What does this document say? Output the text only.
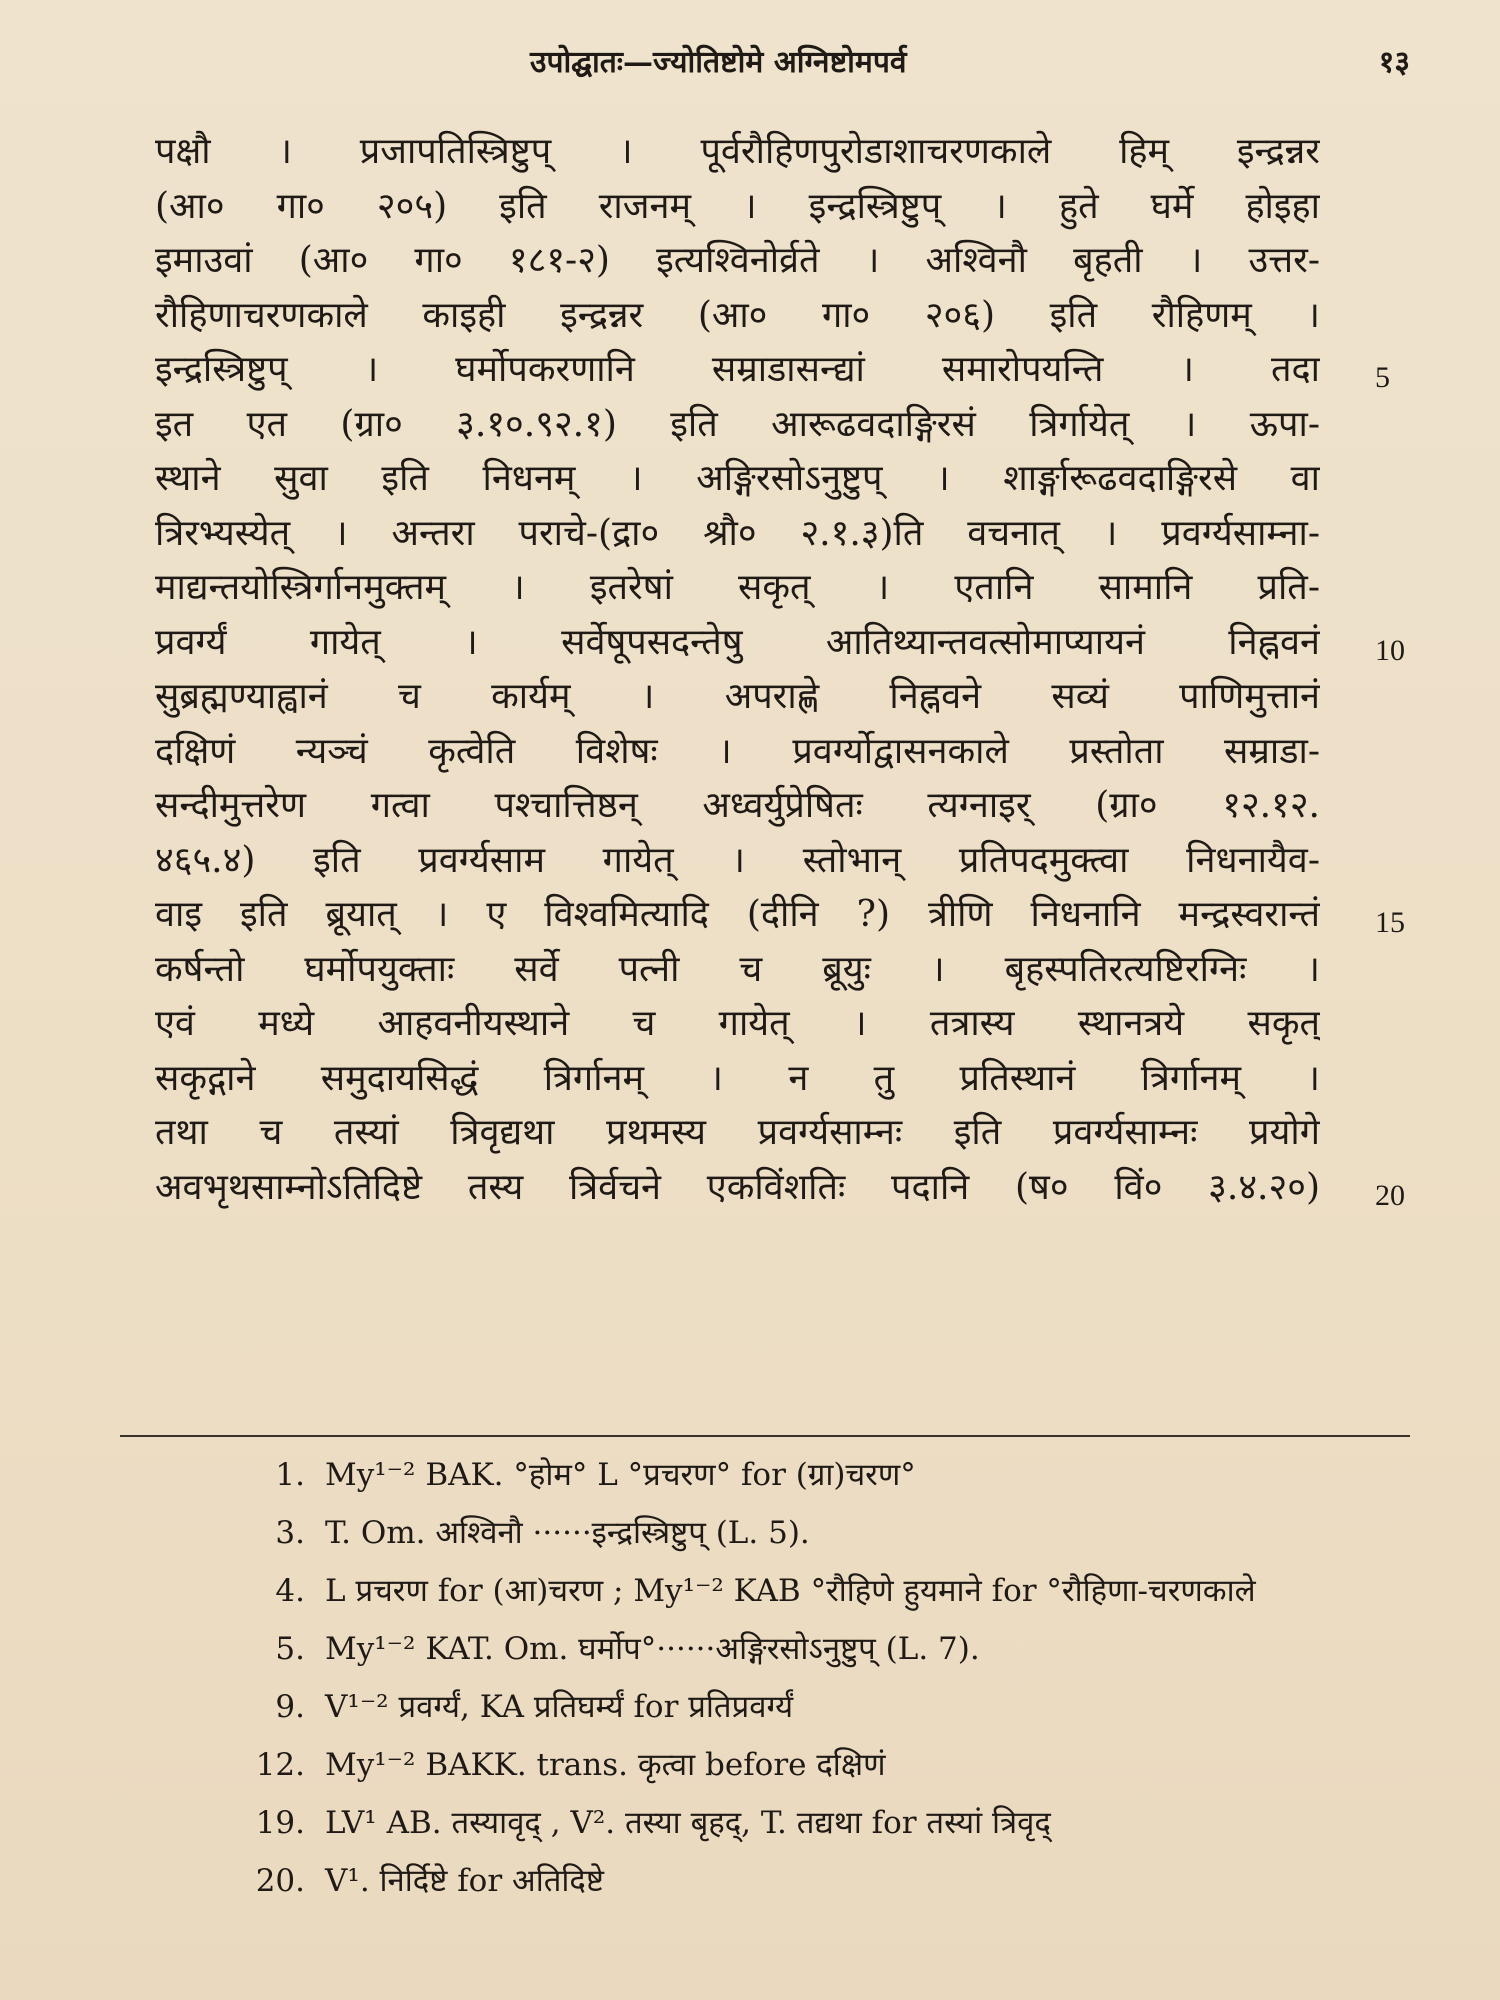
उपोद्घातः—ज्योतिष्टोमे अग्निष्टोमपर्व	१३
पक्षौ । प्रजापतिस्त्रिष्टुप् । पूर्वरौहिणपुरोडाशाचरणकाले हिम् इन्द्रन्नर
(आ० गा० २०५) इति राजनम् । इन्द्रस्त्रिष्टुप् । हुते घर्मे होइहा
इमाउवां (आ० गा० १८१-२) इत्यश्विनोर्व्रते । अश्विनौ बृहती । उत्तर-
रौहिणाचरणकाले काइही इन्द्रन्नर (आ० गा० २०६) इति रौहिणम् ।
इन्द्रस्त्रिष्टुप् । घर्मोपकरणानि सम्राडासन्द्यां समारोपयन्ति । तदा
इत एत (ग्रा० ३.१०.९२.१) इति आरूढवदाङ्गिरसं त्रिर्गायेत् । ऊपा-
स्थाने सुवा इति निधनम् । अङ्गिरसोऽनुष्टुप् । शार्ङ्गारूढवदाङ्गिरसे वा
त्रिरभ्यस्येत् । अन्तरा पराचे-(द्रा० श्रौ० २.१.३)ति वचनात् । प्रवर्ग्यसाम्ना-
माद्यन्तयोस्त्रिर्गानमुक्तम् । इतरेषां सकृत् । एतानि सामानि प्रति-
प्रवर्ग्यं गायेत् । सर्वेषूपसदन्तेषु आतिथ्यान्तवत्सोमाप्यायनं निह्नवनं
सुब्रह्मण्याह्वानं च कार्यम् । अपराह्णे निह्नवने सव्यं पाणिमुत्तानं
दक्षिणं न्यञ्चं कृत्वेति विशेषः । प्रवर्ग्योद्वासनकाले प्रस्तोता सम्राडा-
सन्दीमुत्तरेण गत्वा पश्चात्तिष्ठन् अध्वर्युप्रेषितः त्यग्नाइर् (ग्रा० १२.१२.
४६५.४) इति प्रवर्ग्यसाम गायेत् । स्तोभान् प्रतिपदमुक्त्वा निधनायैव-
वाइ इति ब्रूयात् । ए विश्वमित्यादि (दीनि ?) त्रीणि निधनानि मन्द्रस्वरान्तं
कर्षन्तो घर्मोपयुक्ताः सर्वे पत्नी च ब्रूयुः । बृहस्पतिरत्यष्टिरग्निः ।
एवं मध्ये आहवनीयस्थाने च गायेत् । तत्रास्य स्थानत्रये सकृत्
सकृद्गाने समुदायसिद्धं त्रिर्गानम् । न तु प्रतिस्थानं त्रिर्गानम् ।
तथा च तस्यां त्रिवृद्यथा प्रथमस्य प्रवर्ग्यसाम्नः इति प्रवर्ग्यसाम्नः प्रयोगे
अवभृथसाम्नोऽतिदिष्टे तस्य त्रिर्वचने एकविंशतिः पदानि (ष० विं० ३.४.२०)
5
10
15
20
1. My¹⁻² BAK. °होम° L °प्रचरण° for (ग्रा)चरण°
3. T. Om. अश्विनौ ······इन्द्रस्त्रिष्टुप् (L. 5).
4. L प्रचरण for (आ)चरण ; My¹⁻² KAB °रौहिणे हुयमाने for °रौहिणा-चरणकाले
5. My¹⁻² KAT. Om. घर्मोप°······अङ्गिरसोऽनुष्टुप् (L. 7).
9. V¹⁻² प्रवर्ग्यं, KA प्रतिघर्म्यं for प्रतिप्रवर्ग्यं
12. My¹⁻² BAKK. trans. कृत्वा before दक्षिणं
19. LV¹ AB. तस्यावृद् , V². तस्या बृहद्, T. तद्यथा for तस्यां त्रिवृद्
20. V¹. निर्दिष्टे for अतिदिष्टे
